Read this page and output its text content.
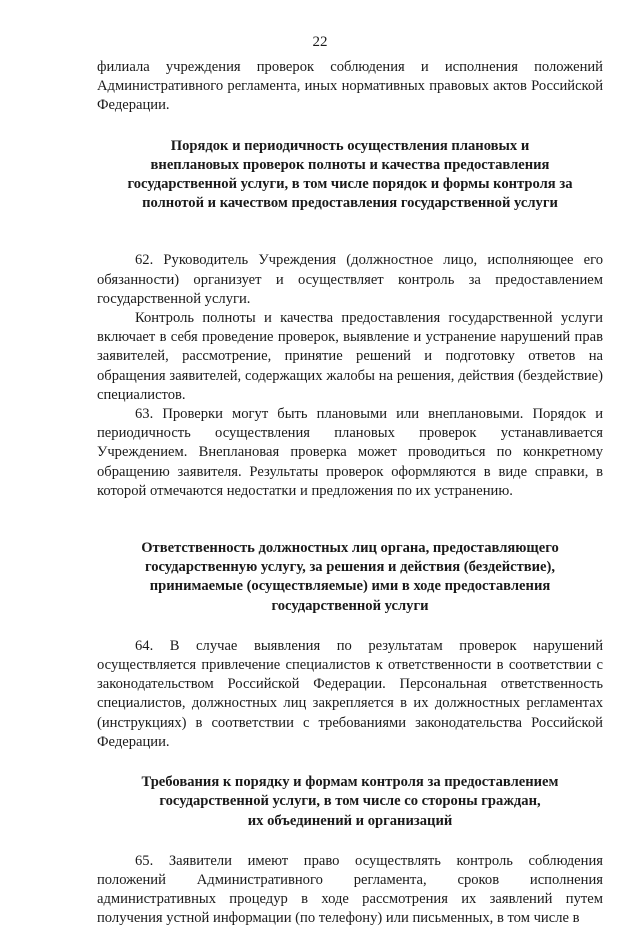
22

филиала учреждения проверок соблюдения и исполнения положений Административного регламента, иных нормативных правовых актов Российской Федерации.

Порядок и периодичность осуществления плановых и
внеплановых проверок полноты и качества предоставления
государственной услуги, в том числе порядок и формы контроля за
полнотой и качеством предоставления государственной услуги

62. Руководитель Учреждения (должностное лицо, исполняющее его обязанности) организует и осуществляет контроль за предоставлением государственной услуги.

Контроль полноты и качества предоставления государственной услуги включает в себя проведение проверок, выявление и устранение нарушений прав заявителей, рассмотрение, принятие решений и подготовку ответов на обращения заявителей, содержащих жалобы на решения, действия (бездействие) специалистов.

63. Проверки могут быть плановыми или внеплановыми. Порядок и периодичность осуществления плановых проверок устанавливается Учреждением. Внеплановая проверка может проводиться по конкретному обращению заявителя. Результаты проверок оформляются в виде справки, в которой отмечаются недостатки и предложения по их устранению.

Ответственность должностных лиц органа, предоставляющего
государственную услугу, за решения и действия (бездействие),
принимаемые (осуществляемые) ими в ходе предоставления
государственной услуги

64. В случае выявления по результатам проверок нарушений осуществляется привлечение специалистов к ответственности в соответствии с законодательством Российской Федерации. Персональная ответственность специалистов, должностных лиц закрепляется в их должностных регламентах (инструкциях) в соответствии с требованиями законодательства Российской Федерации.

Требования к порядку и формам контроля за предоставлением
государственной услуги, в том числе со стороны граждан,
их объединений и организаций

65. Заявители имеют право осуществлять контроль соблюдения положений Административного регламента, сроков исполнения административных процедур в ходе рассмотрения их заявлений путем получения устной информации (по телефону) или письменных, в том числе в
